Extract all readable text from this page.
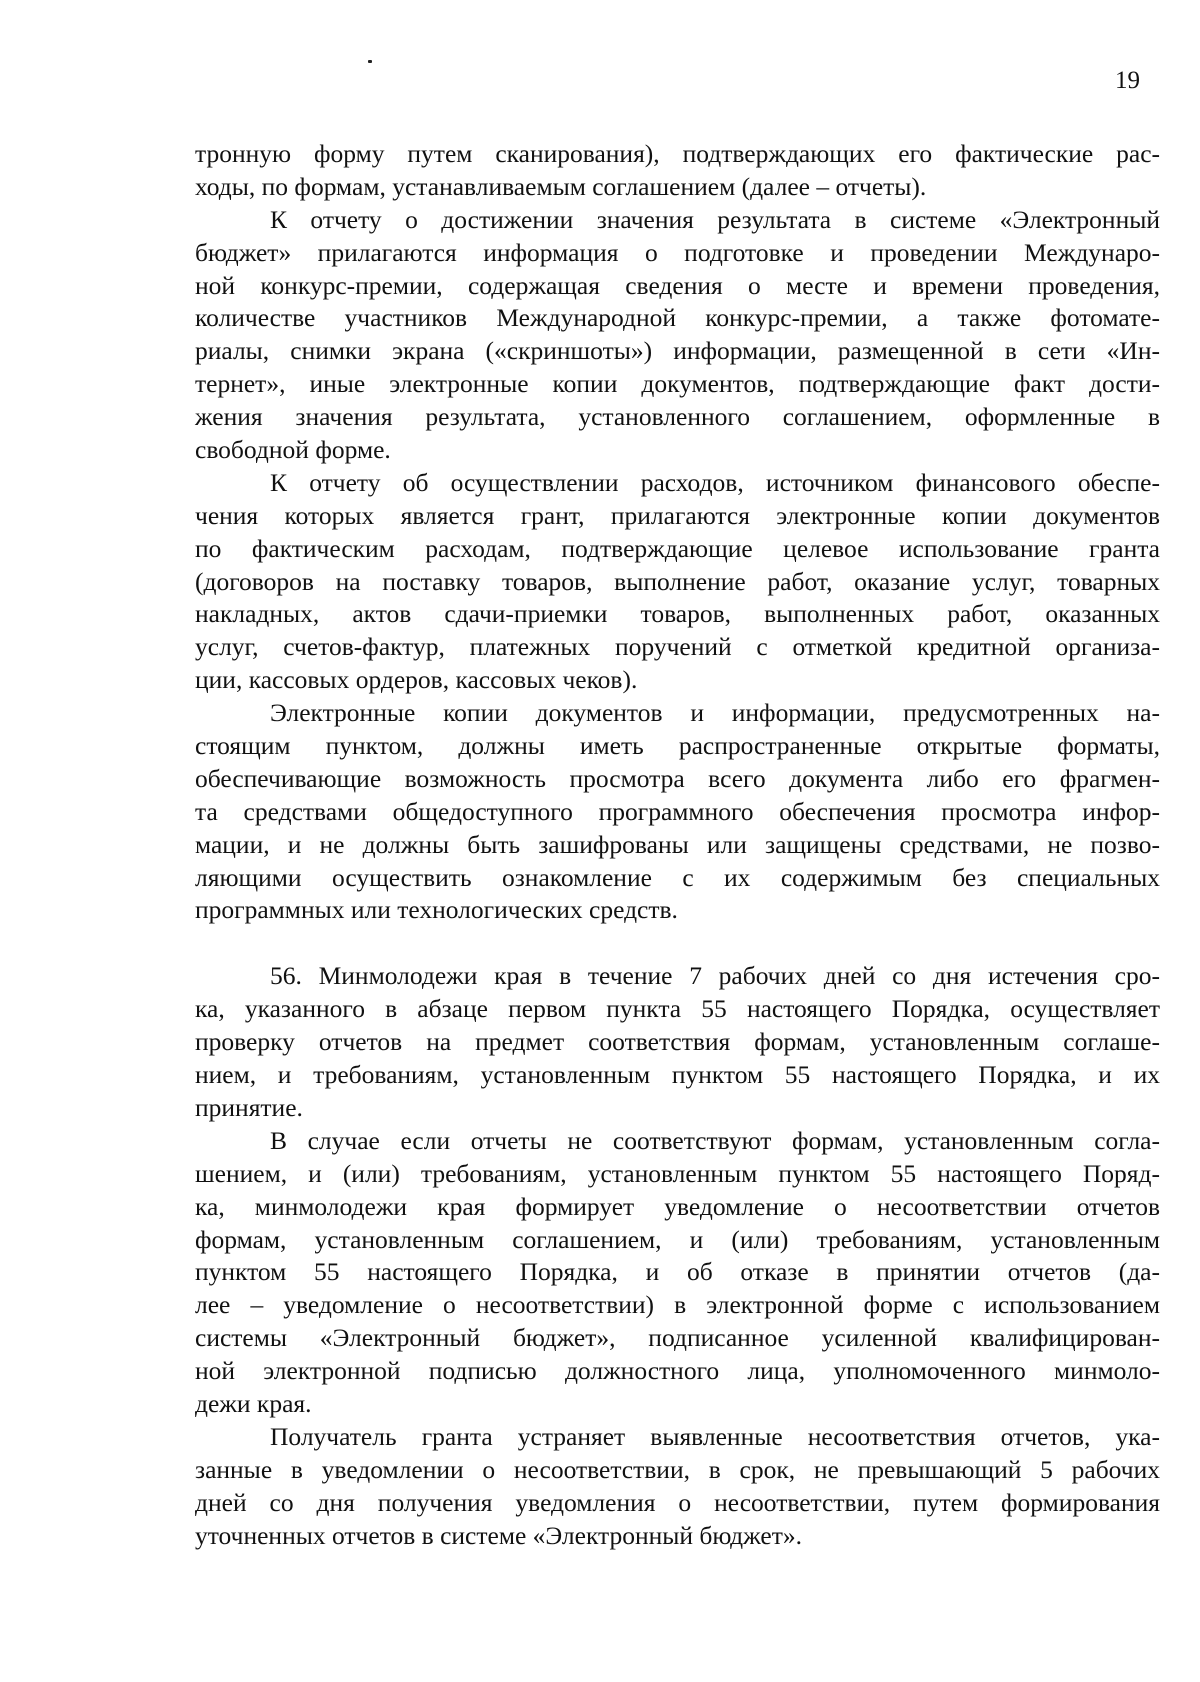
19
тронную форму путем сканирования), подтверждающих его фактические рас-
ходы, по формам, устанавливаемым соглашением (далее – отчеты).
К отчету о достижении значения результата в системе «Электронный
бюджет» прилагаются информация о подготовке и проведении Междунаро-
ной конкурс-премии, содержащая сведения о месте и времени проведения,
количестве участников Международной конкурс-премии, а также фотомате-
риалы, снимки экрана («скриншоты») информации, размещенной в сети «Ин-
тернет», иные электронные копии документов, подтверждающие факт дости-
жения значения результата, установленного соглашением, оформленные в
свободной форме.
К отчету об осуществлении расходов, источником финансового обеспе-
чения которых является грант, прилагаются электронные копии документов
по фактическим расходам, подтверждающие целевое использование гранта
(договоров на поставку товаров, выполнение работ, оказание услуг, товарных
накладных, актов сдачи-приемки товаров, выполненных работ, оказанных
услуг, счетов-фактур, платежных поручений с отметкой кредитной организа-
ции, кассовых ордеров, кассовых чеков).
Электронные копии документов и информации, предусмотренных на-
стоящим пунктом, должны иметь распространенные открытые форматы,
обеспечивающие возможность просмотра всего документа либо его фрагмен-
та средствами общедоступного программного обеспечения просмотра инфор-
мации, и не должны быть зашифрованы или защищены средствами, не позво-
ляющими осуществить ознакомление с их содержимым без специальных
программных или технологических средств.
56. Минмолодежи края в течение 7 рабочих дней со дня истечения сро-
ка, указанного в абзаце первом пункта 55 настоящего Порядка, осуществляет
проверку отчетов на предмет соответствия формам, установленным соглаше-
нием, и требованиям, установленным пунктом 55 настоящего Порядка, и их
принятие.
В случае если отчеты не соответствуют формам, установленным согла-
шением, и (или) требованиям, установленным пунктом 55 настоящего Поряд-
ка, минмолодежи края формирует уведомление о несоответствии отчетов
формам, установленным соглашением, и (или) требованиям, установленным
пунктом 55 настоящего Порядка, и об отказе в принятии отчетов (да-
лее – уведомление о несоответствии) в электронной форме с использованием
системы «Электронный бюджет», подписанное усиленной квалифицирован-
ной электронной подписью должностного лица, уполномоченного минмоло-
дежи края.
Получатель гранта устраняет выявленные несоответствия отчетов, ука-
занные в уведомлении о несоответствии, в срок, не превышающий 5 рабочих
дней со дня получения уведомления о несоответствии, путем формирования
уточненных отчетов в системе «Электронный бюджет».
